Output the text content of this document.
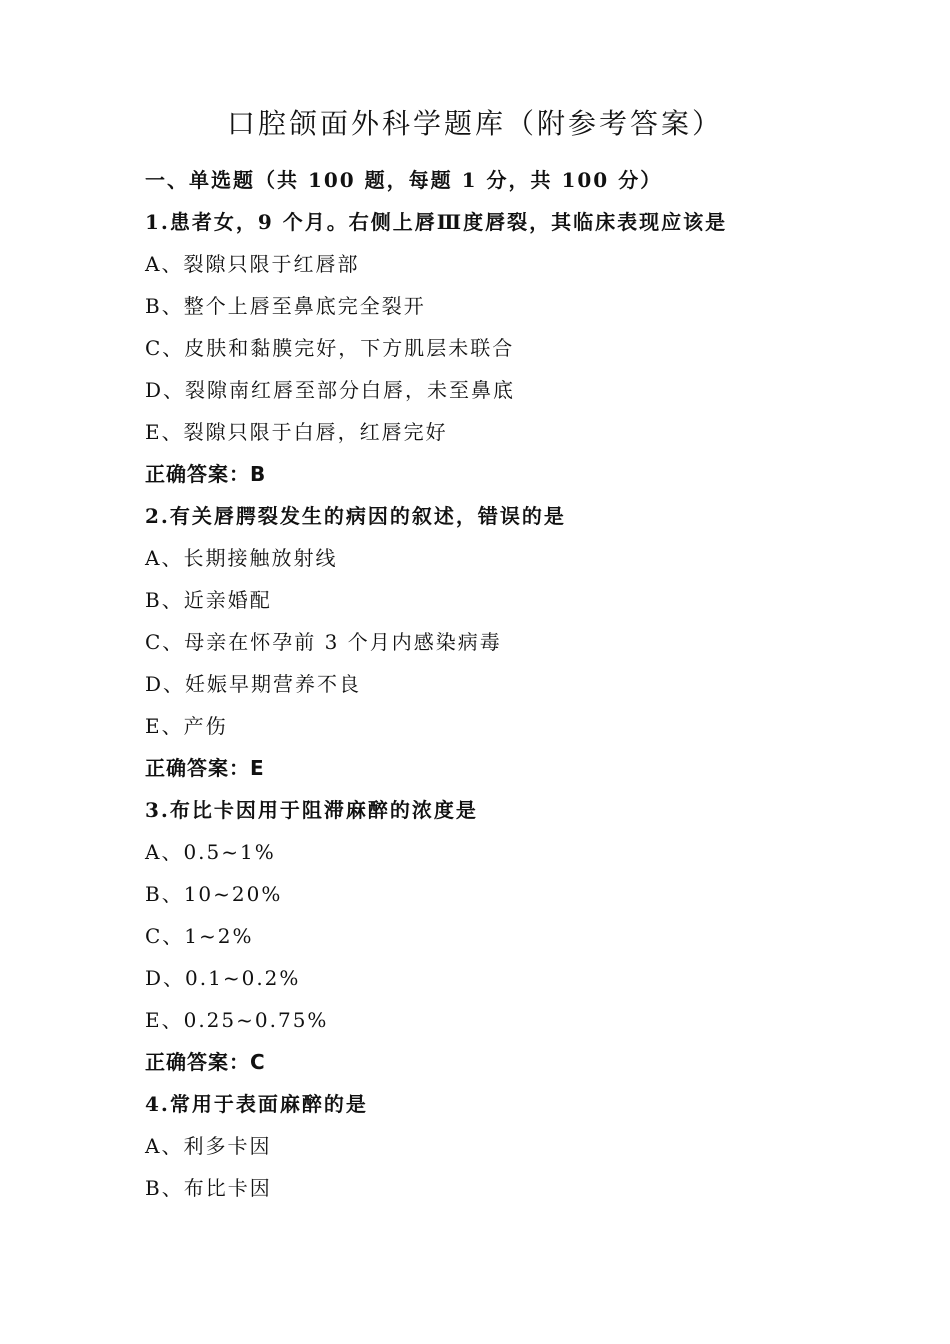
口腔颌面外科学题库（附参考答案）
一、单选题（共 100 题，每题 1 分，共 100 分）
1.患者女，9 个月。右侧上唇Ⅲ度唇裂，其临床表现应该是
A、裂隙只限于红唇部
B、整个上唇至鼻底完全裂开
C、皮肤和黏膜完好，下方肌层未联合
D、裂隙南红唇至部分白唇，未至鼻底
E、裂隙只限于白唇，红唇完好
正确答案：B
2.有关唇腭裂发生的病因的叙述，错误的是
A、长期接触放射线
B、近亲婚配
C、母亲在怀孕前 3 个月内感染病毒
D、妊娠早期营养不良
E、产伤
正确答案：E
3.布比卡因用于阻滞麻醉的浓度是
A、0.5~1%
B、10~20%
C、1~2%
D、0.1~0.2%
E、0.25~0.75%
正确答案：C
4.常用于表面麻醉的是
A、利多卡因
B、布比卡因
